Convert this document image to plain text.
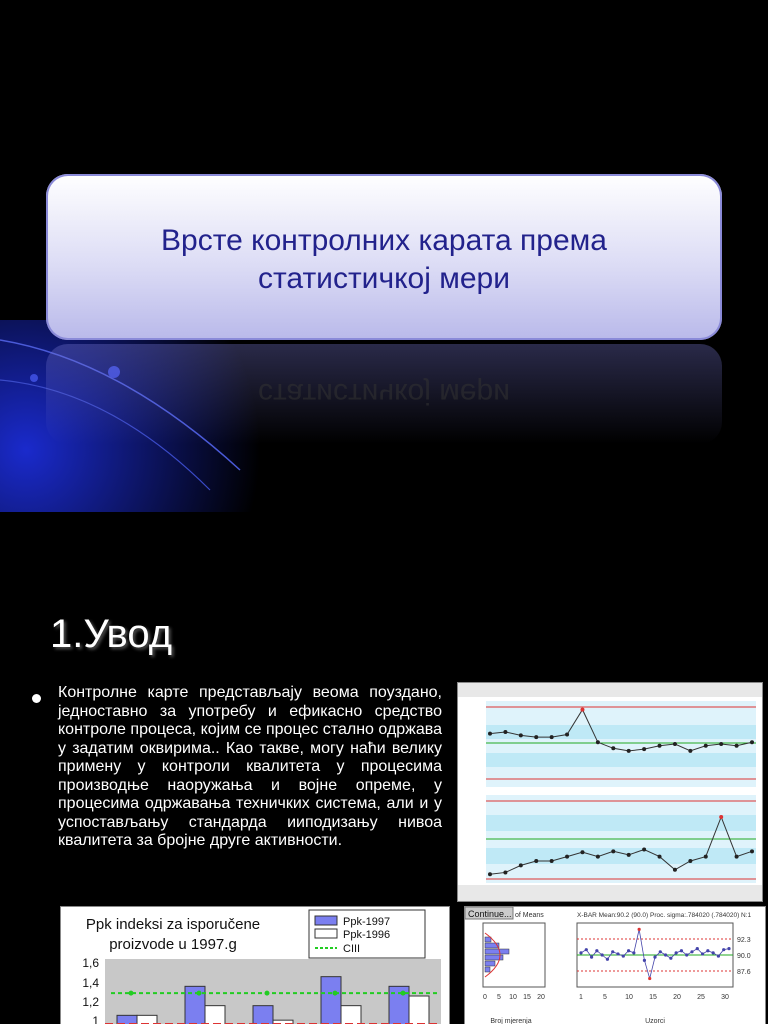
Врсте контролних карата према
статистичкој мери
статистичкој мери
1.Увод
Контролне карте представљају веома поуздано, једноставно за употребу и ефикасно средство контроле процеса, којим се процес стално одржава у задатим оквирима.. Као такве, могу наћи велику примену у контроли квалитета у процесима производње наоружања и војне опреме, у процесима одржавања техничких система, али и у успостављању стандарда ииподизању нивоа квалитета за бројне друге активности.
Ppk indeksi za isporučene
proizvode u 1997.g
Ppk-1997
Ppk-1996
CIII
1,6
1,4
1,2
1
Continue... of Means	X-BAR Mean:90.2 (90.0) Proc. sigma:.784020 (.784020) N:1
0 5 10 15 20
Broj mjerenja
1	5	10 15 20 25 30
Uzorci
92.3
90.0
87.6
